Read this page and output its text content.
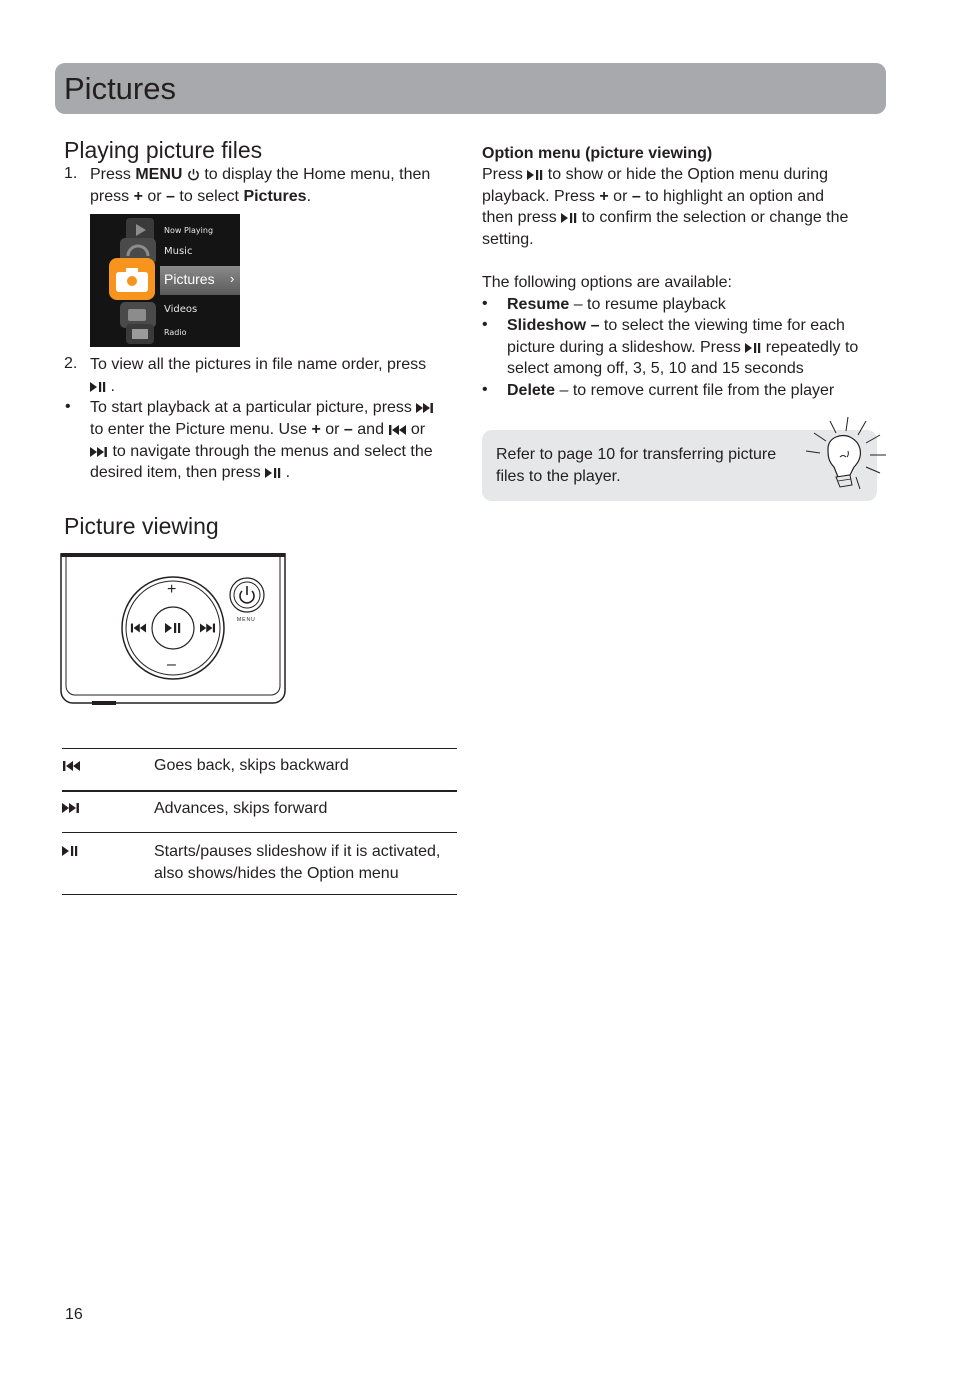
Pictures
Playing picture files
1. Press MENU  to display the Home menu, then
press + or – to select Pictures.
Now Playing
Music
Pictures ›
Videos
Radio
2. To view all the pictures in file name order, press
.
• To start playback at a particular picture, press
to enter the Picture menu. Use + or – and  or
to navigate through the menus and select the
desired item, then press .
Picture viewing
+
–
MENU
Goes back, skips backward
Advances, skips forward
Starts/pauses slideshow if it is activated,
also shows/hides the Option menu
Option menu (picture viewing)
Press  to show or hide the Option menu during
playback. Press + or – to highlight an option and
then press  to confirm the selection or change the
setting.
The following options are available:
• Resume – to resume playback
• Slideshow – to select the viewing time for each
picture during a slideshow. Press  repeatedly to
select among off, 3, 5, 10 and 15 seconds
• Delete – to remove current file from the player
Refer to page 10 for transferring picture
files to the player.
16
